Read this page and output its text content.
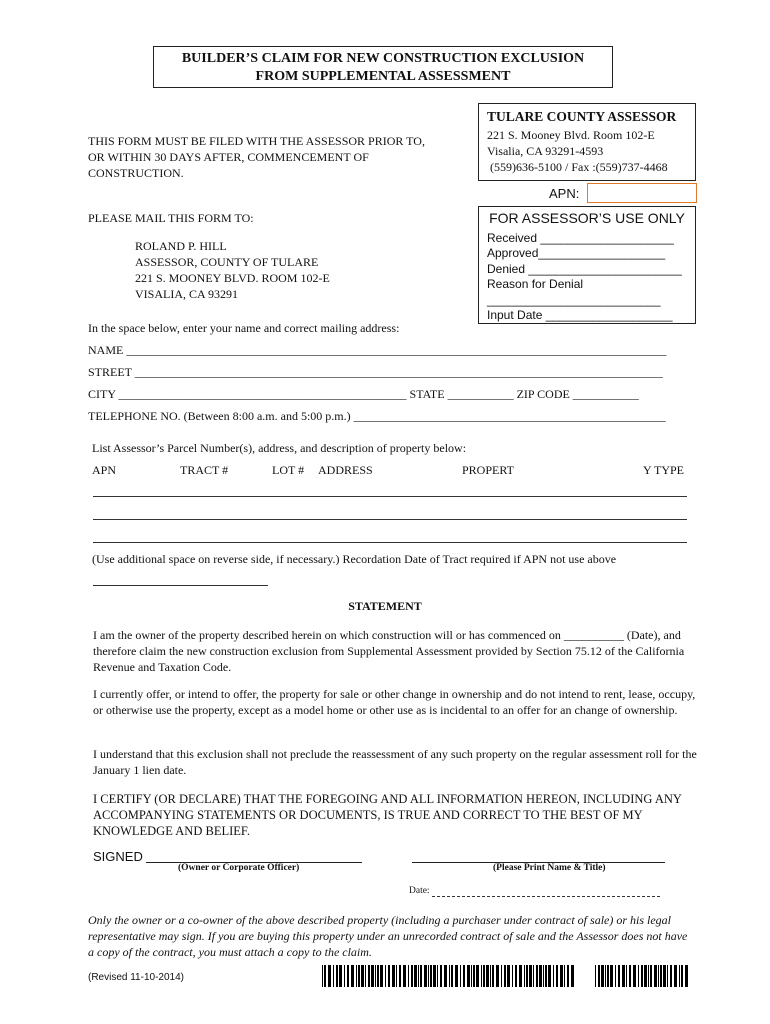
BUILDER’S CLAIM FOR NEW CONSTRUCTION EXCLUSION
FROM SUPPLEMENTAL ASSESSMENT
TULARE COUNTY ASSESSOR
221 S. Mooney Blvd. Room 102-E
Visalia, CA 93291-4593
(559)636-5100 / Fax :(559)737-4468
THIS FORM MUST BE FILED WITH THE ASSESSOR PRIOR TO, OR WITHIN 30 DAYS AFTER, COMMENCEMENT OF CONSTRUCTION.
APN:
FOR ASSESSOR’S USE ONLY
Received ____________________
Approved___________________
Denied _______________________
Reason for Denial
__________________________
Input Date ___________________
PLEASE MAIL THIS FORM TO:
ROLAND P. HILL
ASSESSOR, COUNTY OF TULARE
221 S. MOONEY BLVD. ROOM 102-E
VISALIA, CA 93291
In the space below, enter your name and correct mailing address:
NAME __________________________________________________________________________________________
STREET ________________________________________________________________________________________
CITY ________________________________________________ STATE ___________ ZIP CODE ___________
TELEPHONE NO. (Between 8:00 a.m. and 5:00 p.m.) ____________________________________________________
List Assessor’s Parcel Number(s), address, and description of property below:
APN	TRACT #	LOT # ADDRESS	PROPERT	Y TYPE
(Use additional space on reverse side, if necessary.) Recordation Date of Tract required if APN not use above
STATEMENT
I am the owner of the property described herein on which construction will or has commenced on __________ (Date), and therefore claim the new construction exclusion from Supplemental Assessment provided by Section 75.12 of the California Revenue and Taxation Code.
I currently offer, or intend to offer, the property for sale or other change in ownership and do not intend to rent, lease, occupy, or otherwise use the property, except as a model home or other use as is incidental to an offer for an change of ownership.
I understand that this exclusion shall not preclude the reassessment of any such property on the regular assessment roll for the January 1 lien date.
I CERTIFY (OR DECLARE) THAT THE FOREGOING AND ALL INFORMATION HEREON, INCLUDING ANY ACCOMPANYING STATEMENTS OR DOCUMENTS, IS TRUE AND CORRECT TO THE BEST OF MY KNOWLEDGE AND BELIEF.
SIGNED
(Owner or Corporate Officer)	(Please Print Name & Title)
Date:
Only the owner or a co-owner of the above described property (including a purchaser under contract of sale) or his legal representative may sign. If you are buying this property under an unrecorded contract of sale and the Assessor does not have a copy of the contract, you must attach a copy to the claim.
(Revised 11-10-2014)
